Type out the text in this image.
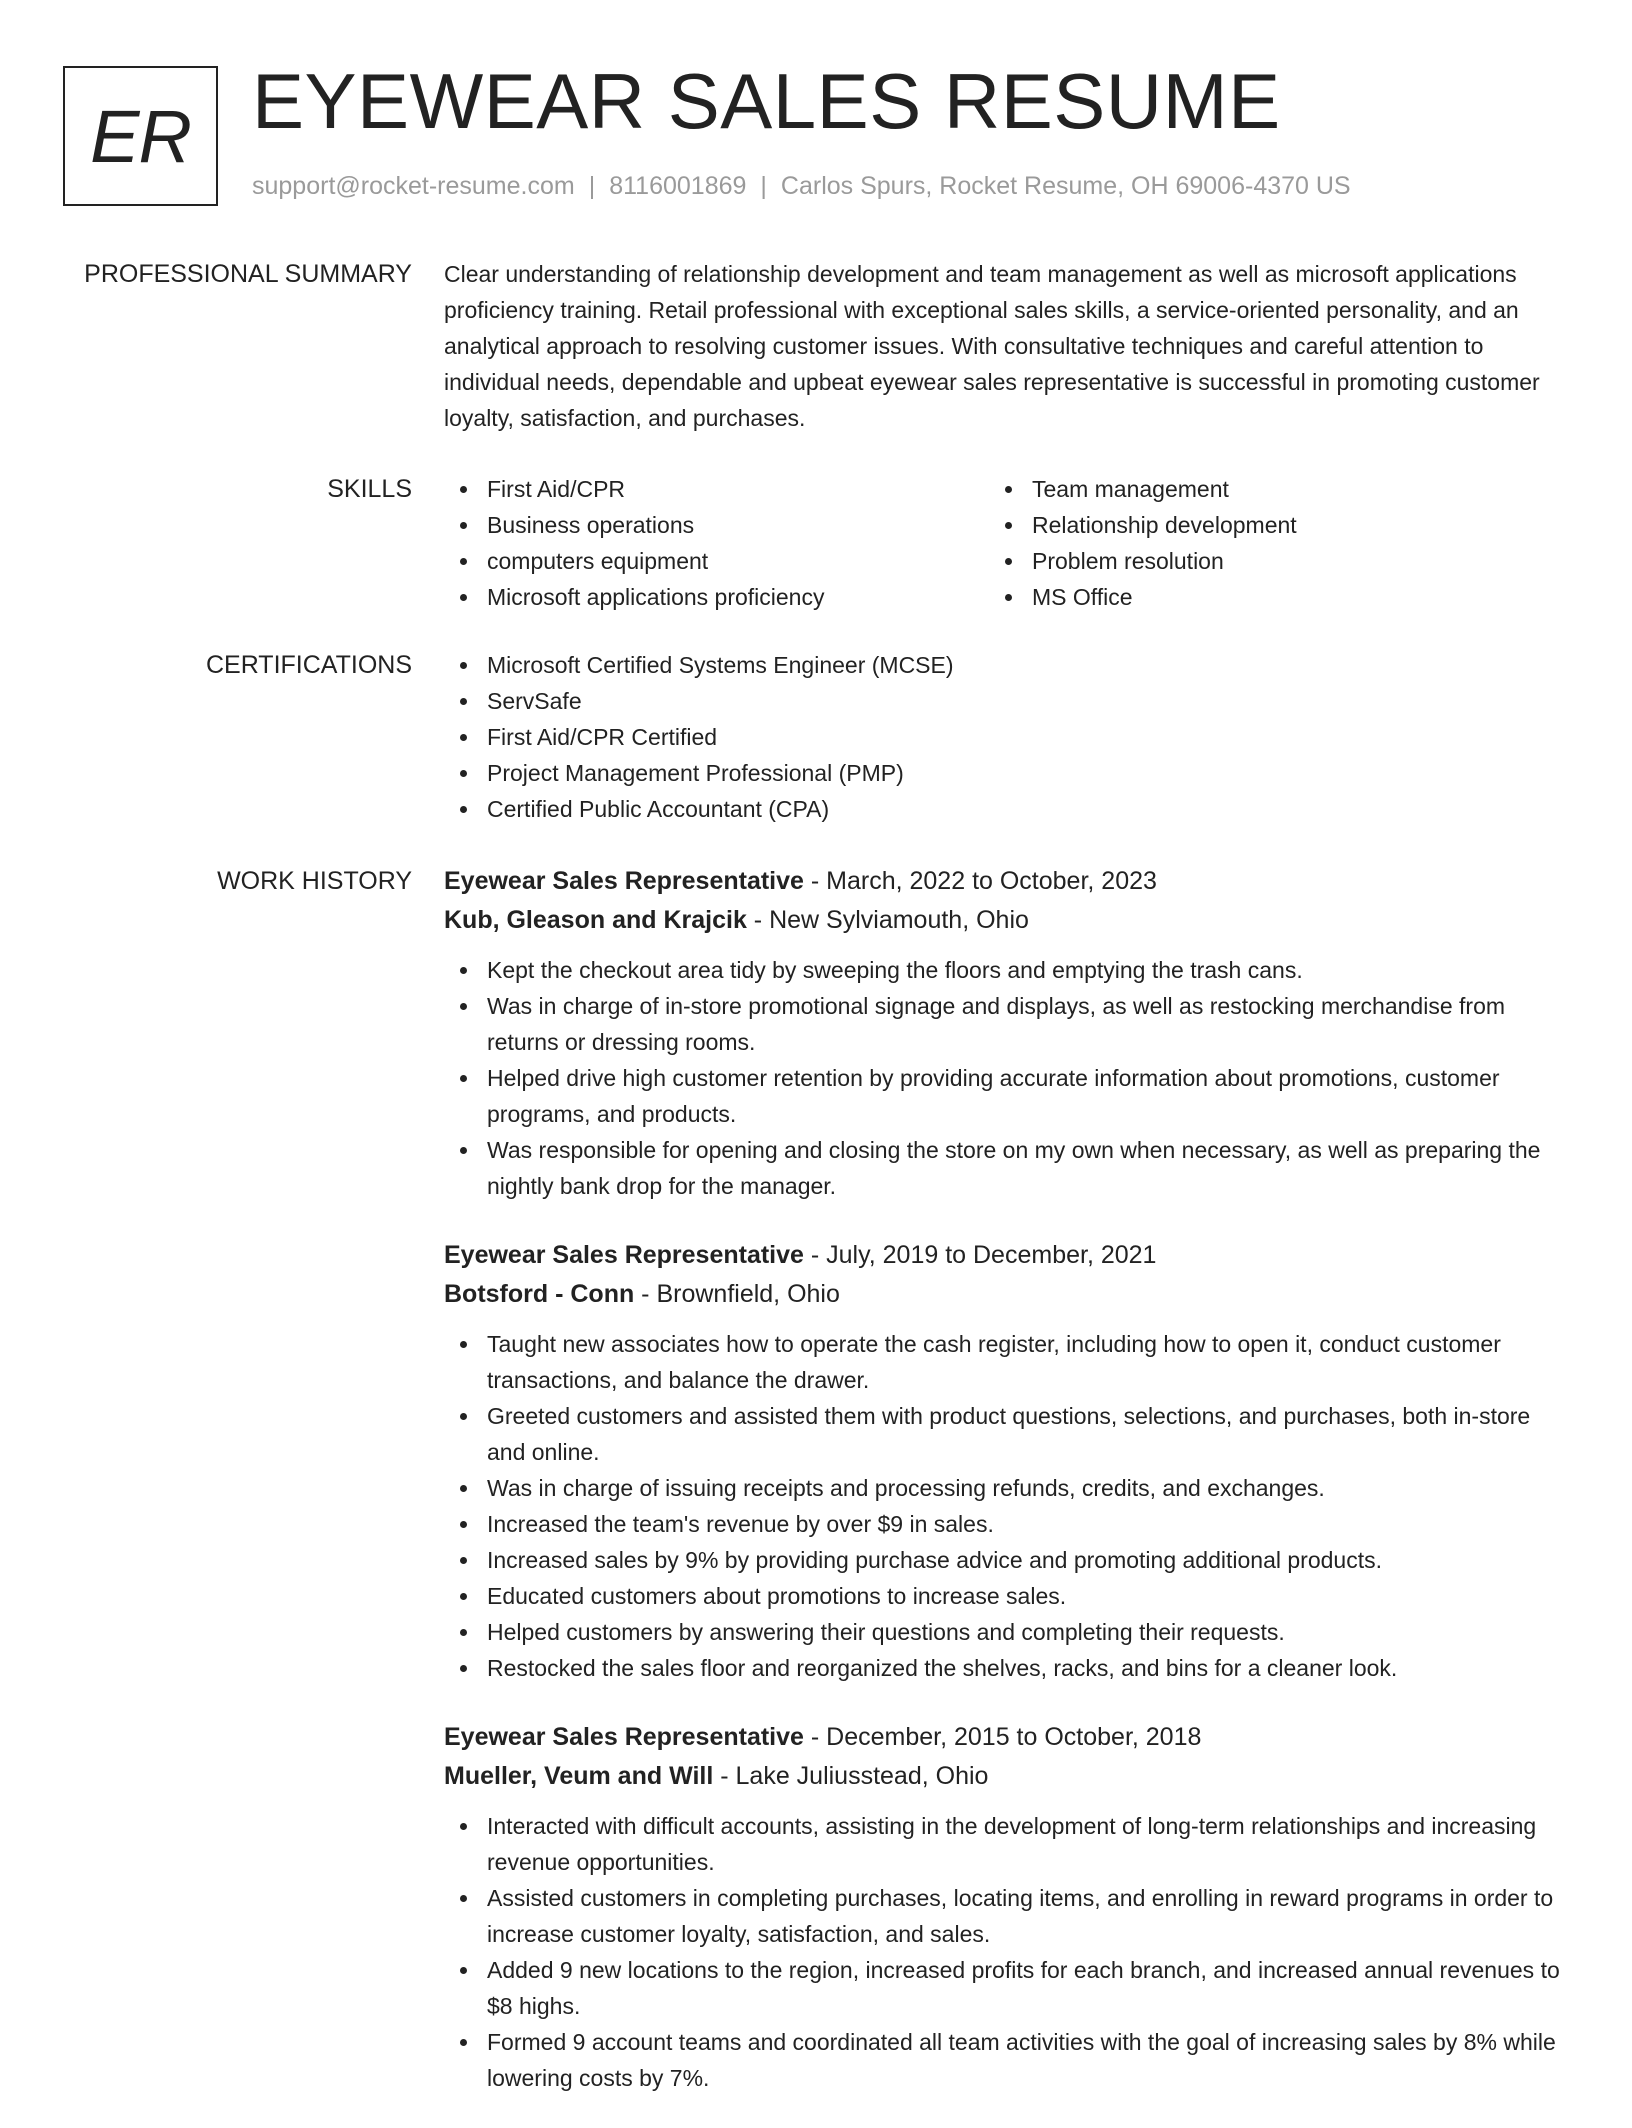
ER EYEWEAR SALES RESUME
support@rocket-resume.com | 8116001869 | Carlos Spurs, Rocket Resume, OH 69006-4370 US
PROFESSIONAL SUMMARY Clear understanding of relationship development and team management as well as microsoft applications proficiency training. Retail professional with exceptional sales skills, a service-oriented personality, and an analytical approach to resolving customer issues. With consultative techniques and careful attention to individual needs, dependable and upbeat eyewear sales representative is successful in promoting customer loyalty, satisfaction, and purchases.

SKILLS	First Aid/CPR
Business operations
computers equipment
Microsoft applications proficiency
Team management
Relationship development
Problem resolution
MS Office
CERTIFICATIONS	Microsoft Certified Systems Engineer (MCSE)
ServSafe
First Aid/CPR Certified
Project Management Professional (PMP)
Certified Public Accountant (CPA)
WORK HISTORY Eyewear Sales Representative - March, 2022 to October, 2023
Kub, Gleason and Krajcik - New Sylviamouth, Ohio
Kept the checkout area tidy by sweeping the floors and emptying the trash cans.
Was in charge of in-store promotional signage and displays, as well as restocking merchandise from returns or dressing rooms.
Helped drive high customer retention by providing accurate information about promotions, customer programs, and products.
Was responsible for opening and closing the store on my own when necessary, as well as preparing the nightly bank drop for the manager.
Eyewear Sales Representative - July, 2019 to December, 2021
Botsford - Conn - Brownfield, Ohio
Taught new associates how to operate the cash register, including how to open it, conduct customer transactions, and balance the drawer.
Greeted customers and assisted them with product questions, selections, and purchases, both in-store and online.
Was in charge of issuing receipts and processing refunds, credits, and exchanges.
Increased the team's revenue by over $9 in sales.
Increased sales by 9% by providing purchase advice and promoting additional products.
Educated customers about promotions to increase sales.
Helped customers by answering their questions and completing their requests.
Restocked the sales floor and reorganized the shelves, racks, and bins for a cleaner look.
Eyewear Sales Representative - December, 2015 to October, 2018
Mueller, Veum and Will - Lake Juliusstead, Ohio
Interacted with difficult accounts, assisting in the development of long-term relationships and increasing revenue opportunities.
Assisted customers in completing purchases, locating items, and enrolling in reward programs in order to increase customer loyalty, satisfaction, and sales.
Added 9 new locations to the region, increased profits for each branch, and increased annual revenues to $8 highs.
Formed 9 account teams and coordinated all team activities with the goal of increasing sales by 8% while lowering costs by 7%.
